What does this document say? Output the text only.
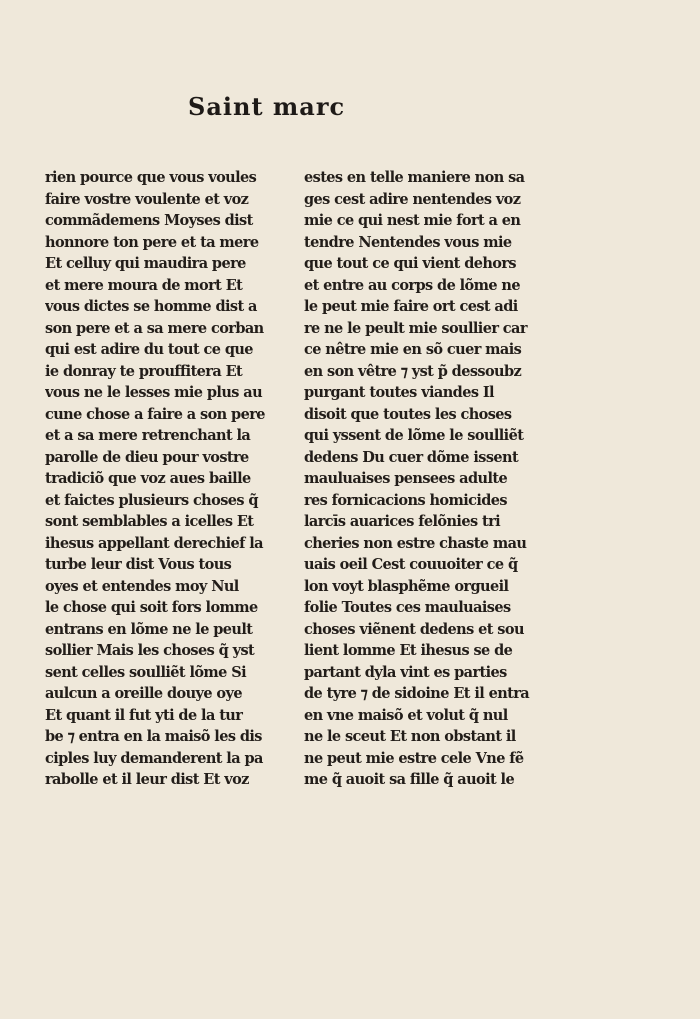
Saint marc
rien pource que vous voules
faire vostre voulente et voz
commãdemens Moyses dist
honnore ton pere et ta mere
Et celluy qui maudira pere
et mere moura de mort Et
vous dictes se homme dist a
son pere et a sa mere corban
qui est adire du tout ce que
ie donray te prouffitera Et
vous ne le lesses mie plus au
cune chose a faire a son pere
et a sa mere retrenchant la
parolle de dieu pour vostre
tradiciõ que voz aues baille
et faictes plusieurs choses q̃
sont semblables a icelles Et
ihesus appellant derechief la
turbe leur dist Vous tous
oyes et entendes moy Nul
le chose qui soit fors lomme
entrans en lõme ne le peult
sollier Mais les choses q̃ yst
sent celles soulliẽt lõme Si
aulcun a oreille douye oye
Et quant il fut yti de la tur
be ⁊ entra en la maisõ les dis
ciples luy demanderent la pa
rabolle et il leur dist Et voz
estes en telle maniere non sa
ges cest adire nentendes voz
mie ce qui nest mie fort a en
tendre Nentendes vous mie
que tout ce qui vient dehors
et entre au corps de lõme ne
le peut mie faire ort cest adi
re ne le peult mie soullier car
ce nêtre mie en sõ cuer mais
en son vêtre ⁊ yst p̃ dessoubz
purgant toutes viandes Il
disoit que toutes les choses
qui yssent de lõme le soulliẽt
dedens Du cuer dõme issent
mauluaises pensees adulte
res fornicacions homicides
larcīs auarices felõnies tri
cheries non estre chaste mau
uais oeil Cest couuoiter ce q̃
lon voyt blasphẽme orgueil
folie Toutes ces mauluaises
choses viẽnent dedens et sou
lient lomme Et ihesus se de
partant dyla vint es parties
de tyre ⁊ de sidoine Et il entra
en vne maisõ et volut q̃ nul
ne le sceut Et non obstant il
ne peut mie estre cele Vne fẽ
me q̃ auoit sa fille q̃ auoit le
